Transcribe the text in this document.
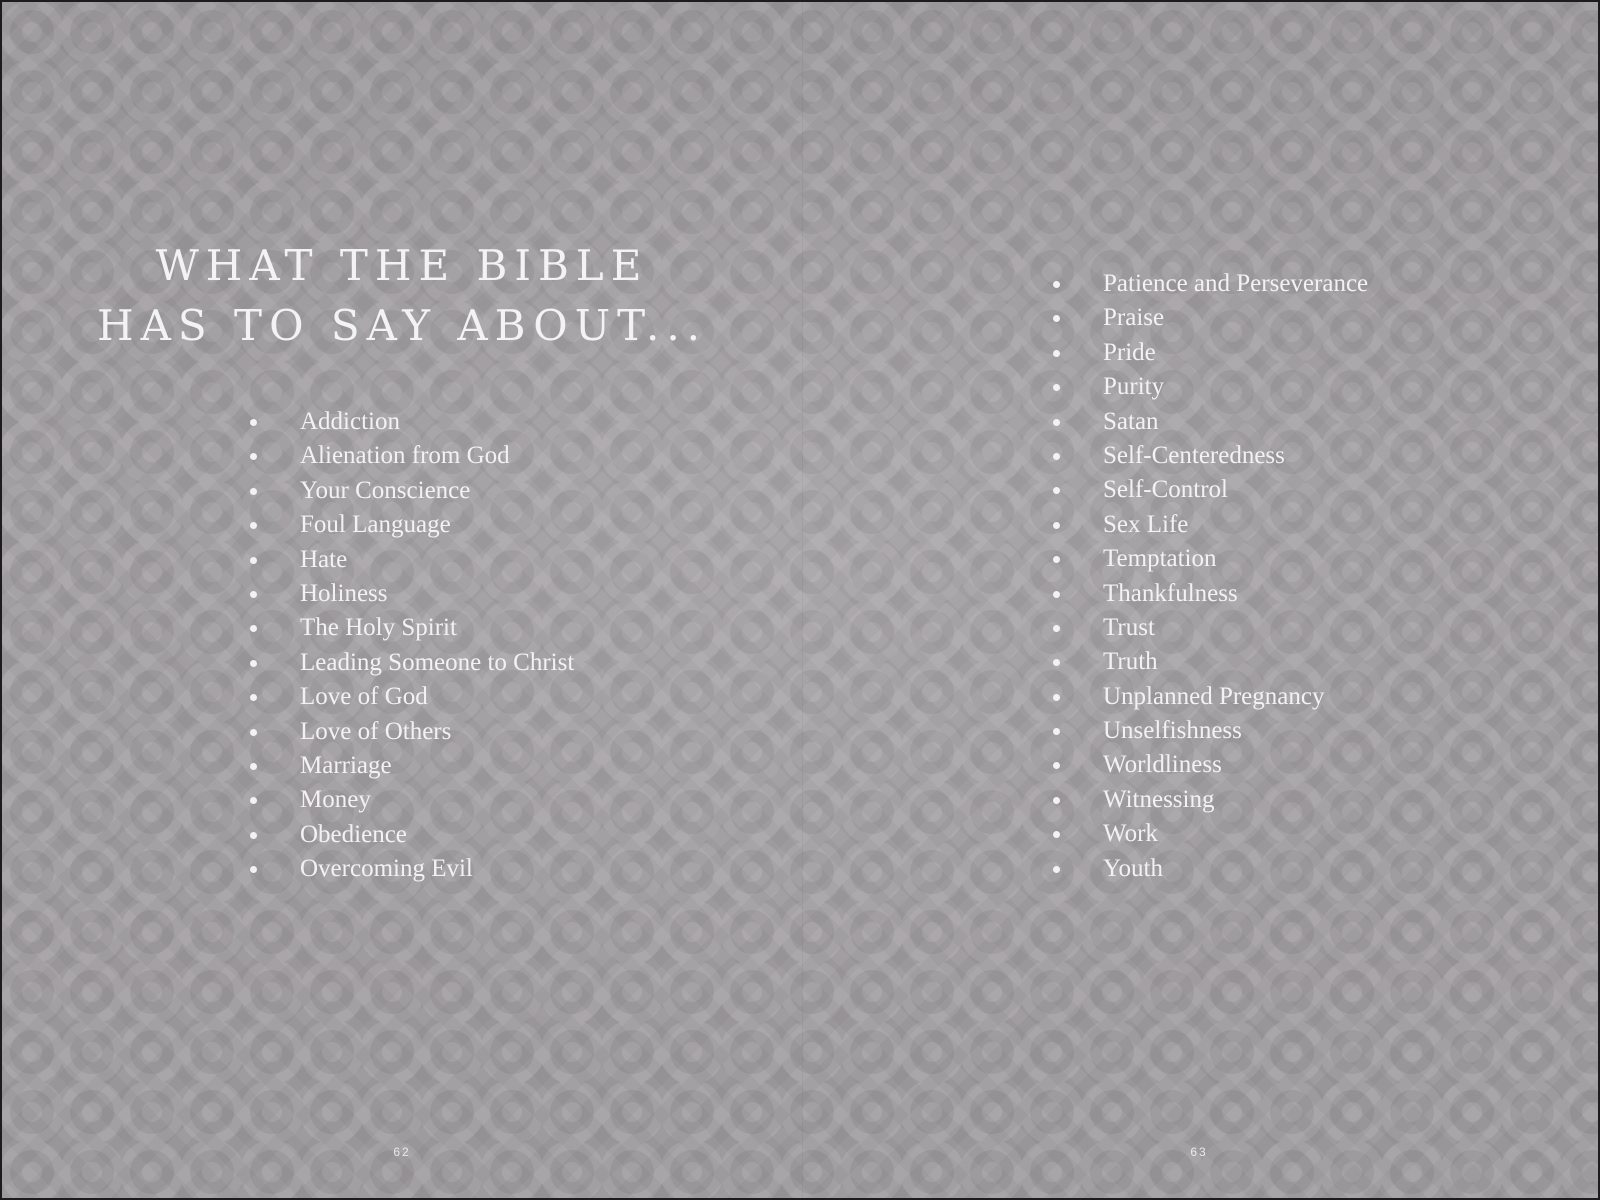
WHAT THE BIBLE
HAS TO SAY ABOUT...
Addiction
Alienation from God
Your Conscience
Foul Language
Hate
Holiness
The Holy Spirit
Leading Someone to Christ
Love of God
Love of Others
Marriage
Money
Obedience
Overcoming Evil
62
Patience and Perseverance
Praise
Pride
Purity
Satan
Self-Centeredness
Self-Control
Sex Life
Temptation
Thankfulness
Trust
Truth
Unplanned Pregnancy
Unselfishness
Worldliness
Witnessing
Work
Youth
63
